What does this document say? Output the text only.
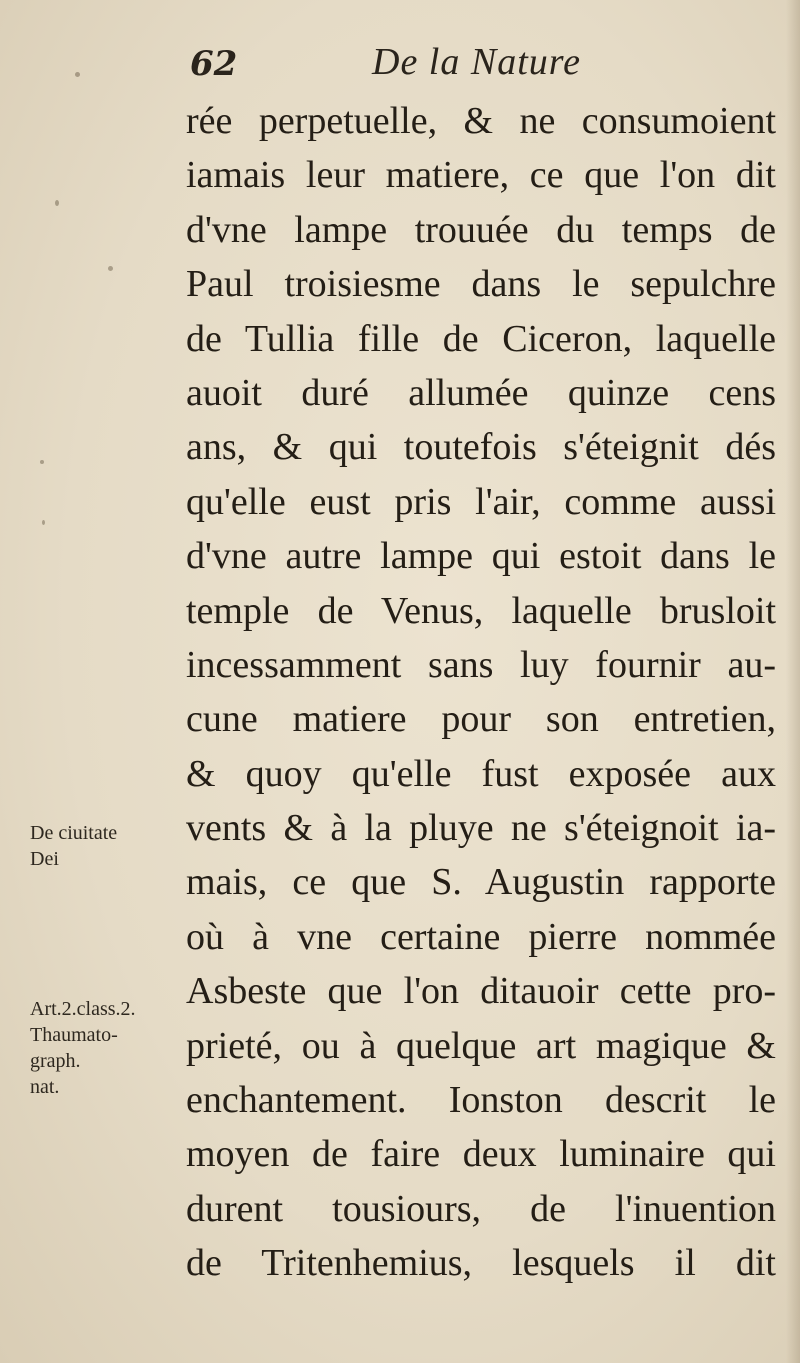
62	De la Nature
rée perpetuelle, & ne consumoient
iamais leur matiere, ce que l'on dit
d'vne lampe trouuée du temps de
Paul troisiesme dans le sepulchre
de Tullia fille de Ciceron, laquelle
auoit duré allumée quinze cens
ans, & qui toutefois s'éteignit dés
qu'elle eust pris l'air, comme aussi
d'vne autre lampe qui estoit dans le
temple de Venus, laquelle brusloit
incessamment sans luy fournir au-
cune matiere pour son entretien,
& quoy qu'elle fust exposée aux
vents & à la pluye ne s'éteignoit ia-
mais, ce que S. Augustin rapporte
où à vne certaine pierre nommée
Asbeste que l'on ditauoir cette pro-
prieté, ou à quelque art magique &
enchantement. Ionston descrit le
moyen de faire deux luminaire qui
durent tousiours, de l'inuention
de Tritenhemius, lesquels il dit
De ciuitate
Dei
Art.2.class.2.
Thaumato-
graph.
nat.
